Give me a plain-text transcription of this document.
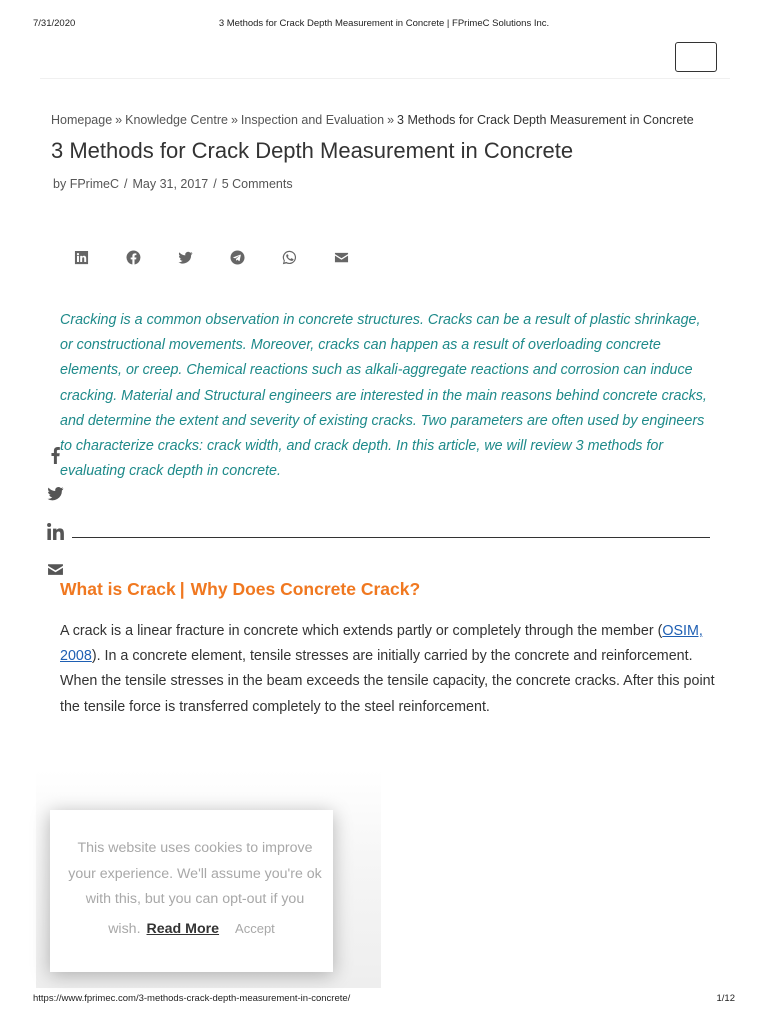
7/31/2020	3 Methods for Crack Depth Measurement in Concrete | FPrimeC Solutions Inc.
Homepage » Knowledge Centre » Inspection and Evaluation » 3 Methods for Crack Depth Measurement in Concrete
3 Methods for Crack Depth Measurement in Concrete
by FPrimeC / May 31, 2017 / 5 Comments

Cracking is a common observation in concrete structures. Cracks can be a result of plastic shrinkage, or constructional movements. Moreover, cracks can happen as a result of overloading concrete elements, or creep. Chemical reactions such as alkali-aggregate reactions and corrosion can induce cracking. Material and Structural engineers are interested in the main reasons behind concrete cracks, and determine the extent and severity of existing cracks. Two parameters are often used by engineers to characterize cracks: crack width, and crack depth. In this article, we will review 3 methods for evaluating crack depth in concrete.

What is Crack | Why Does Concrete Crack?

A crack is a linear fracture in concrete which extends partly or completely through the member (OSIM, 2008). In a concrete element, tensile stresses are initially carried by the concrete and reinforcement. When the tensile stresses in the beam exceeds the tensile capacity, the concrete cracks. After this point the tensile force is transferred completely to the steel reinforcement.

This website uses cookies to improve your experience. We'll assume you're ok with this, but you can opt-out if you

wish. Read More Accept
https://www.fprimec.com/3-methods-crack-depth-measurement-in-concrete/	1/12
